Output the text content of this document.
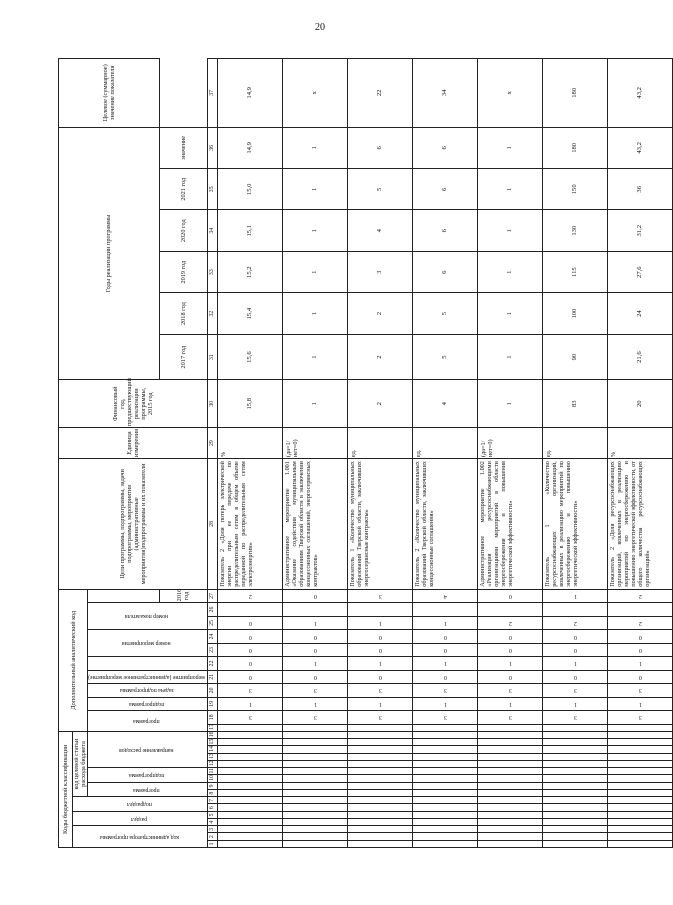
20
Коды бюджетной классификации																Дополнительный аналитический код											Цели программы, подпрограммы, задачи подпрограммы, мероприятия (административные мероприятия)подпрограммы и их показатели	Единица измерения	Финансовый год, предшествующий реализации программы, 2015 год	Годы реализации программы						Целевое (суммарное) значение показателя
код администратора программы			раздел		подраздел		код целевой статьи расхода бюджета																													
							программа		подпрограмма		направление расходов					программа		подпрограмма	задача подпрограммы	мероприятие (административное мероприятие)		номер мероприятия		номер показателя												
																										2016 год				2017 год	2018 год	2019 год	2020 год	2021 год	значение	
1	2	3	4	5	6	7	8	9	10	11	12	13	14	15	16	17	18	19	20	21	22	23	24	25	26	27	28	29	30	31	32	33	34	35	36	37
																	3	1	3	0	0	0	0	0		2	Показатель 2 «Доля потерь электрической энергии при ее передаче по распределительным сетям в общем объеме переданной по распределительным сетям электроэнергии»	%	15,8	15,6	15,4	15,2	15,1	15,0	14,9	14,9
																	3	1	3	0	1	0	0	1		0	Административное мероприятие 1.001 «Оказание содействия муниципальным образованиям Тверской области в заключении концессионных соглашений, энергосервисных контрактов»	(да=1/нет=0)	1	1	1	1	1	1	1	x
																	3	1	3	0	1	0	0	1		3	Показатель 1 «Количество муниципальных образований Тверской области, заключивших энергосервисные контракты»	ед.	2	2	2	3	4	5	6	22
																	3	1	3	0	1	0	0	1		4	Показатель 2 «Количество муниципальных образований Тверской области, заключивших концессионные соглашения»	ед.	4	5	5	6	6	6	6	34
																	3	1	3	0	1	0	0	2		0	Административное мероприятие 1.002 «Реализация ресурсоснабжающими организациями мероприятий в области энергосбережения и повышения энергетической эффективности»	(да=1/нет=0)	1	1	1	1	1	1	1	x
																	3	1	3	0	1	0	0	2		1	Показатель 1 «Количество ресурсоснабжающих организаций, вовлеченных в реализацию мероприятий по энергосбережению и повышению энергетической эффективности»	ед.	83	90	100	115	130	150	180	180
																	3	1	3	0	1	0	0	2		2	Показатель 2 «Доля ресурсоснабжающих организаций, вовлеченных в реализацию мероприятий по энергосбережению и повышению энергетической эффективности, от общего количества ресурсоснабжающих организаций»	%	20	21,6	24	27,6	31,2	36	43,2	43,2
